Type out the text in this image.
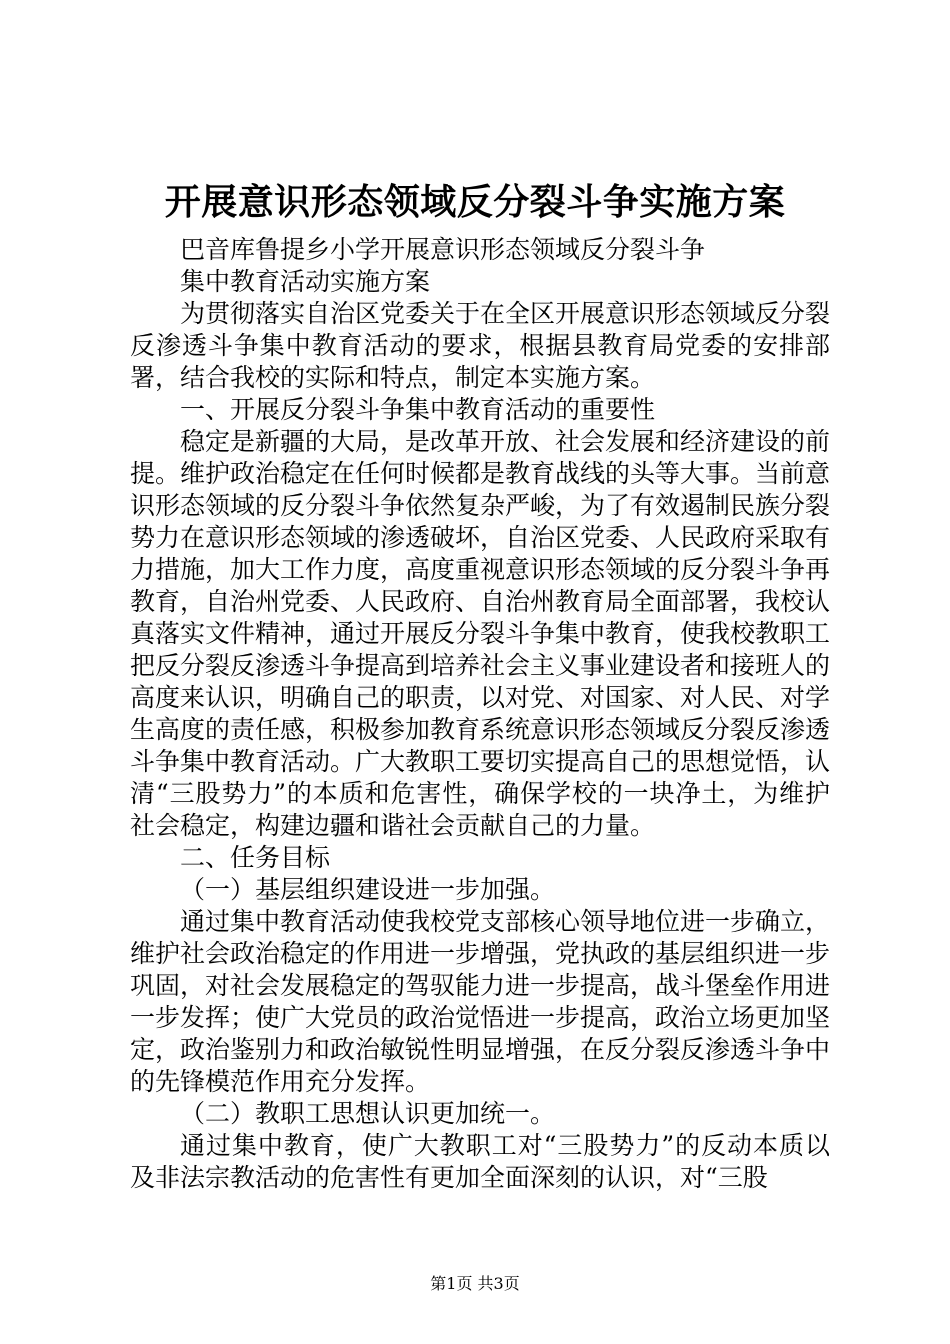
开展意识形态领域反分裂斗争实施方案

巴音库鲁提乡小学开展意识形态领域反分裂斗争

集中教育活动实施方案

为贯彻落实自治区党委关于在全区开展意识形态领域反分裂反渗透斗争集中教育活动的要求，根据县教育局党委的安排部署，结合我校的实际和特点，制定本实施方案。

一、开展反分裂斗争集中教育活动的重要性

稳定是新疆的大局，是改革开放、社会发展和经济建设的前提。维护政治稳定在任何时候都是教育战线的头等大事。当前意识形态领域的反分裂斗争依然复杂严峻，为了有效遏制民族分裂势力在意识形态领域的渗透破坏，自治区党委、人民政府采取有力措施，加大工作力度，高度重视意识形态领域的反分裂斗争再教育，自治州党委、人民政府、自治州教育局全面部署，我校认真落实文件精神，通过开展反分裂斗争集中教育，使我校教职工把反分裂反渗透斗争提高到培养社会主义事业建设者和接班人的高度来认识，明确自己的职责，以对党、对国家、对人民、对学生高度的责任感，积极参加教育系统意识形态领域反分裂反渗透斗争集中教育活动。广大教职工要切实提高自己的思想觉悟，认清“三股势力”的本质和危害性，确保学校的一块净土，为维护社会稳定，构建边疆和谐社会贡献自己的力量。

二、任务目标

（一）基层组织建设进一步加强。

通过集中教育活动使我校党支部核心领导地位进一步确立，维护社会政治稳定的作用进一步增强，党执政的基层组织进一步巩固，对社会发展稳定的驾驭能力进一步提高，战斗堡垒作用进一步发挥；使广大党员的政治觉悟进一步提高，政治立场更加坚定，政治鉴别力和政治敏锐性明显增强，在反分裂反渗透斗争中的先锋模范作用充分发挥。

（二）教职工思想认识更加统一。

通过集中教育，使广大教职工对“三股势力”的反动本质以及非法宗教活动的危害性有更加全面深刻的认识，对“三股

第1页 共3页
